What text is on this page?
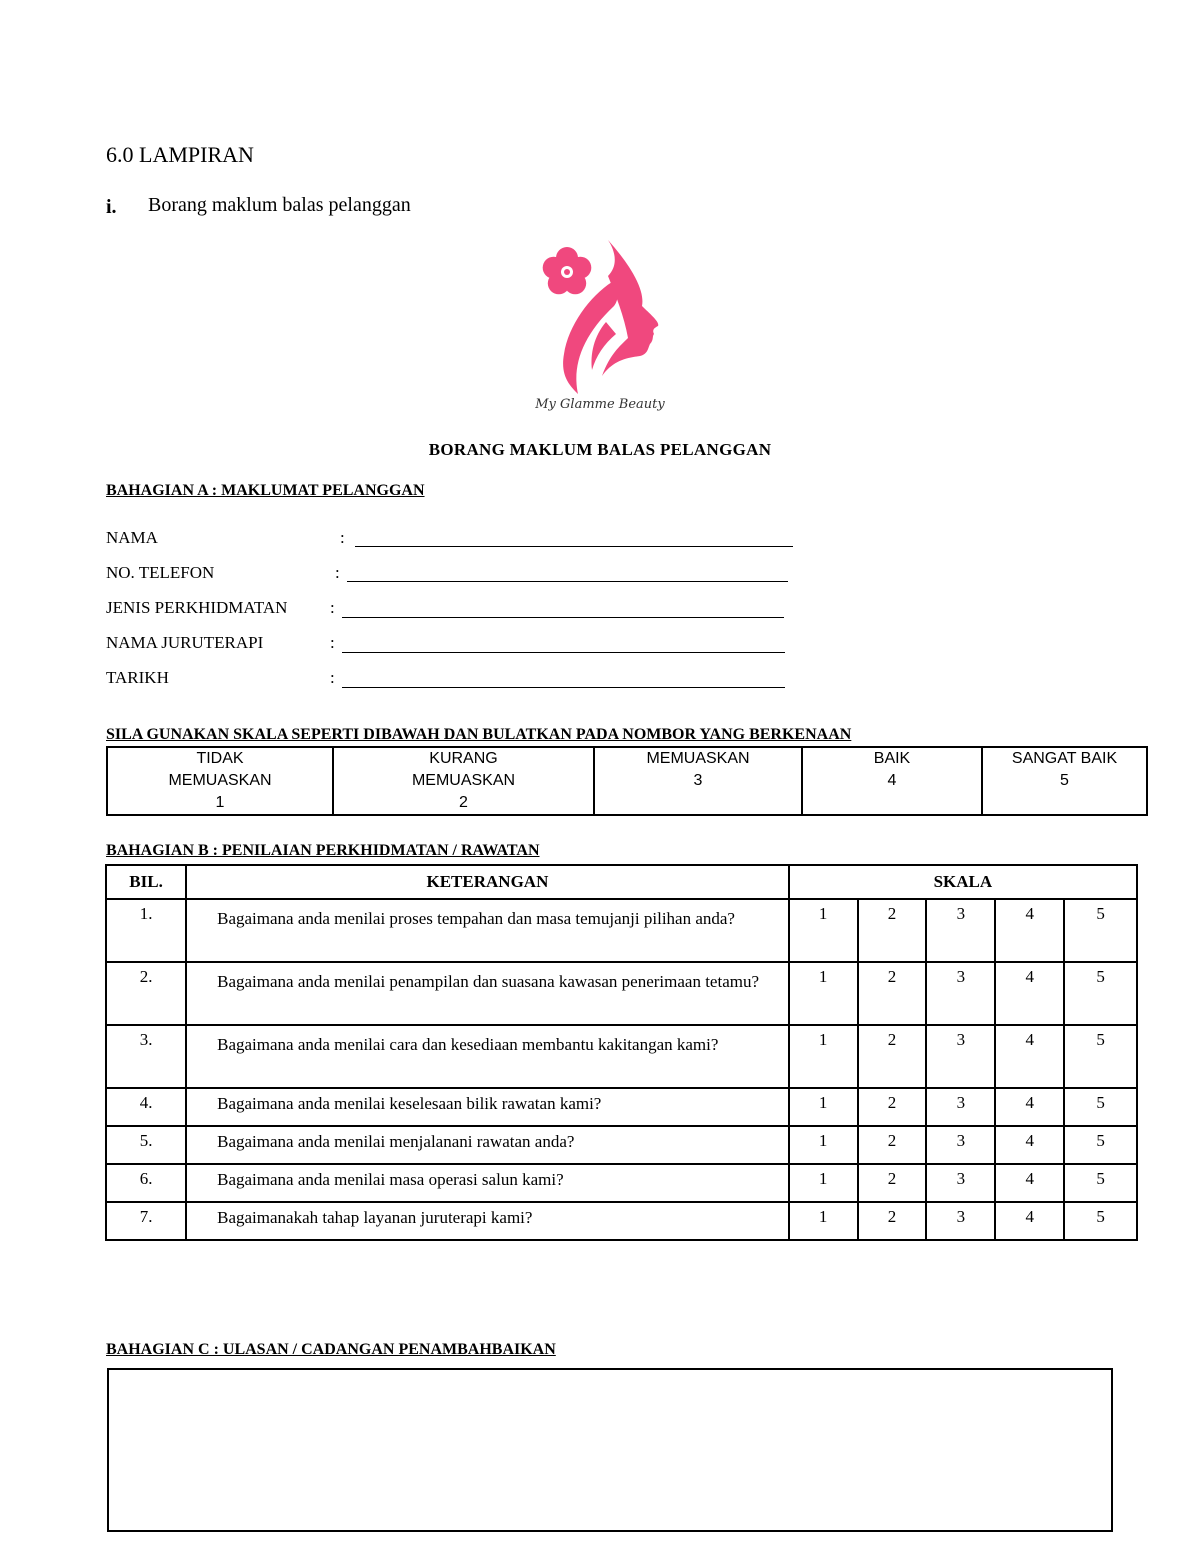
6.0 LAMPIRAN
i. Borang maklum balas pelanggan
My Glamme Beauty
BORANG MAKLUM BALAS PELANGGAN
BAHAGIAN A : MAKLUMAT PELANGGAN
NAMA	:
NO. TELEFON	:
JENIS PERKHIDMATAN	:
NAMA JURUTERAPI	:
TARIKH	:
SILA GUNAKAN SKALA SEPERTI DIBAWAH DAN BULATKAN PADA NOMBOR YANG BERKENAAN
TIDAK
MEMUASKAN
1

KURANG
MEMUASKAN
2

MEMUASKAN
3

BAIK
4

SANGAT BAIK
5
BAHAGIAN B : PENILAIAN PERKHIDMATAN / RAWATAN
BIL.	KETERANGAN	SKALA				
1.	Bagaimana anda menilai proses tempahan dan masa temujanji pilihan anda?	1	2	3	4	5
2.	Bagaimana anda menilai penampilan dan suasana kawasan penerimaan tetamu?	1	2	3	4	5
3.	Bagaimana anda menilai cara dan kesediaan membantu kakitangan kami?	1	2	3	4	5
4.	Bagaimana anda menilai keselesaan bilik rawatan kami?	1	2	3	4	5
5.	Bagaimana anda menilai menjalanani rawatan anda?	1	2	3	4	5
6.	Bagaimana anda menilai masa operasi salun kami?	1	2	3	4	5
7.	Bagaimanakah tahap layanan juruterapi kami?	1	2	3	4	5
BAHAGIAN C : ULASAN / CADANGAN PENAMBAHBAIKAN
